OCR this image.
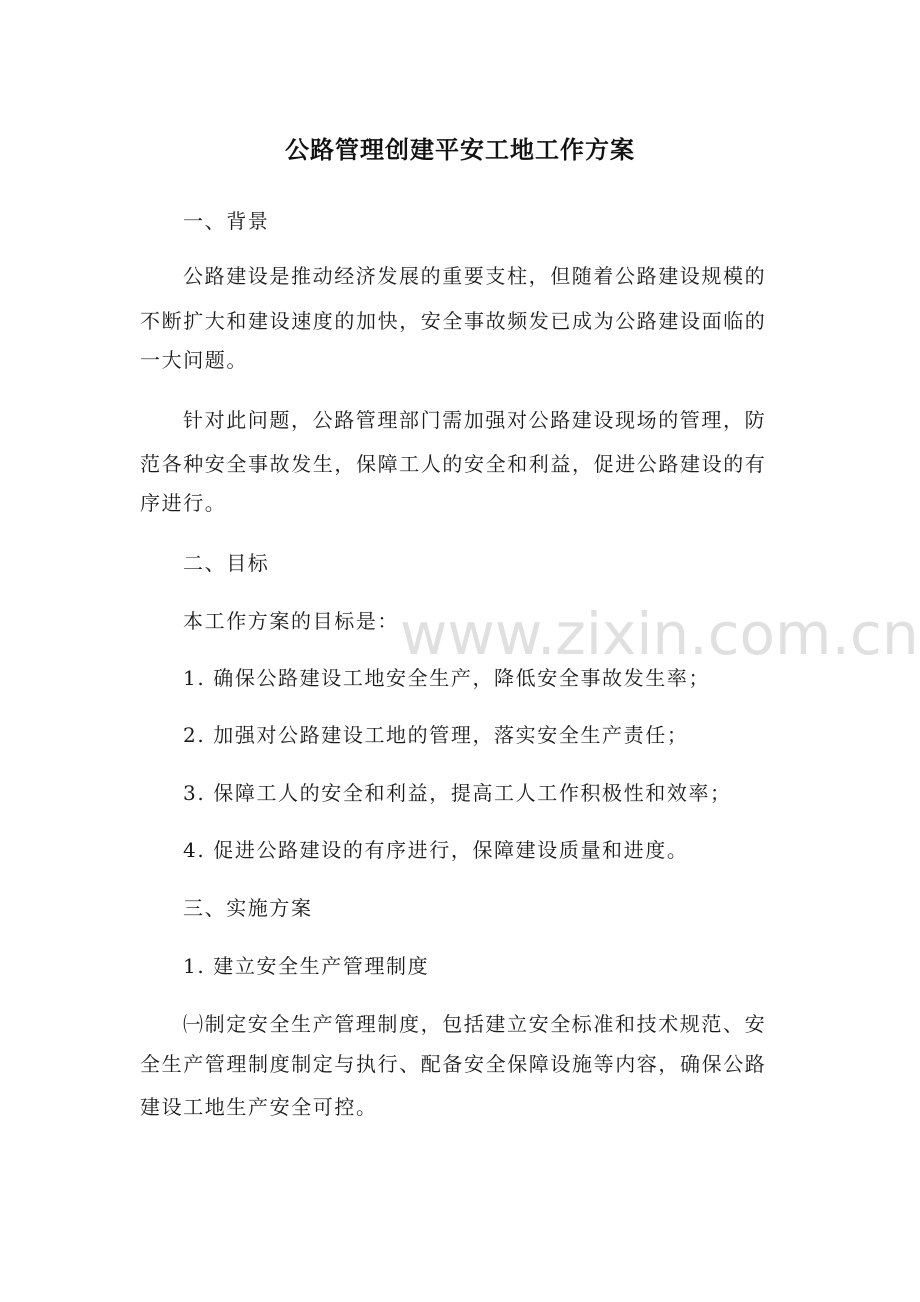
www.zixin.com.cn
公路管理创建平安工地工作方案
一、背景
公路建设是推动经济发展的重要支柱，但随着公路建设规模的
不断扩大和建设速度的加快，安全事故频发已成为公路建设面临的
一大问题。
针对此问题，公路管理部门需加强对公路建设现场的管理，防
范各种安全事故发生，保障工人的安全和利益，促进公路建设的有
序进行。
二、目标
本工作方案的目标是：
1. 确保公路建设工地安全生产，降低安全事故发生率；
2. 加强对公路建设工地的管理，落实安全生产责任；
3. 保障工人的安全和利益，提高工人工作积极性和效率；
4. 促进公路建设的有序进行，保障建设质量和进度。
三、实施方案
1. 建立安全生产管理制度
㈠制定安全生产管理制度，包括建立安全标准和技术规范、安
全生产管理制度制定与执行、配备安全保障设施等内容，确保公路
建设工地生产安全可控。
